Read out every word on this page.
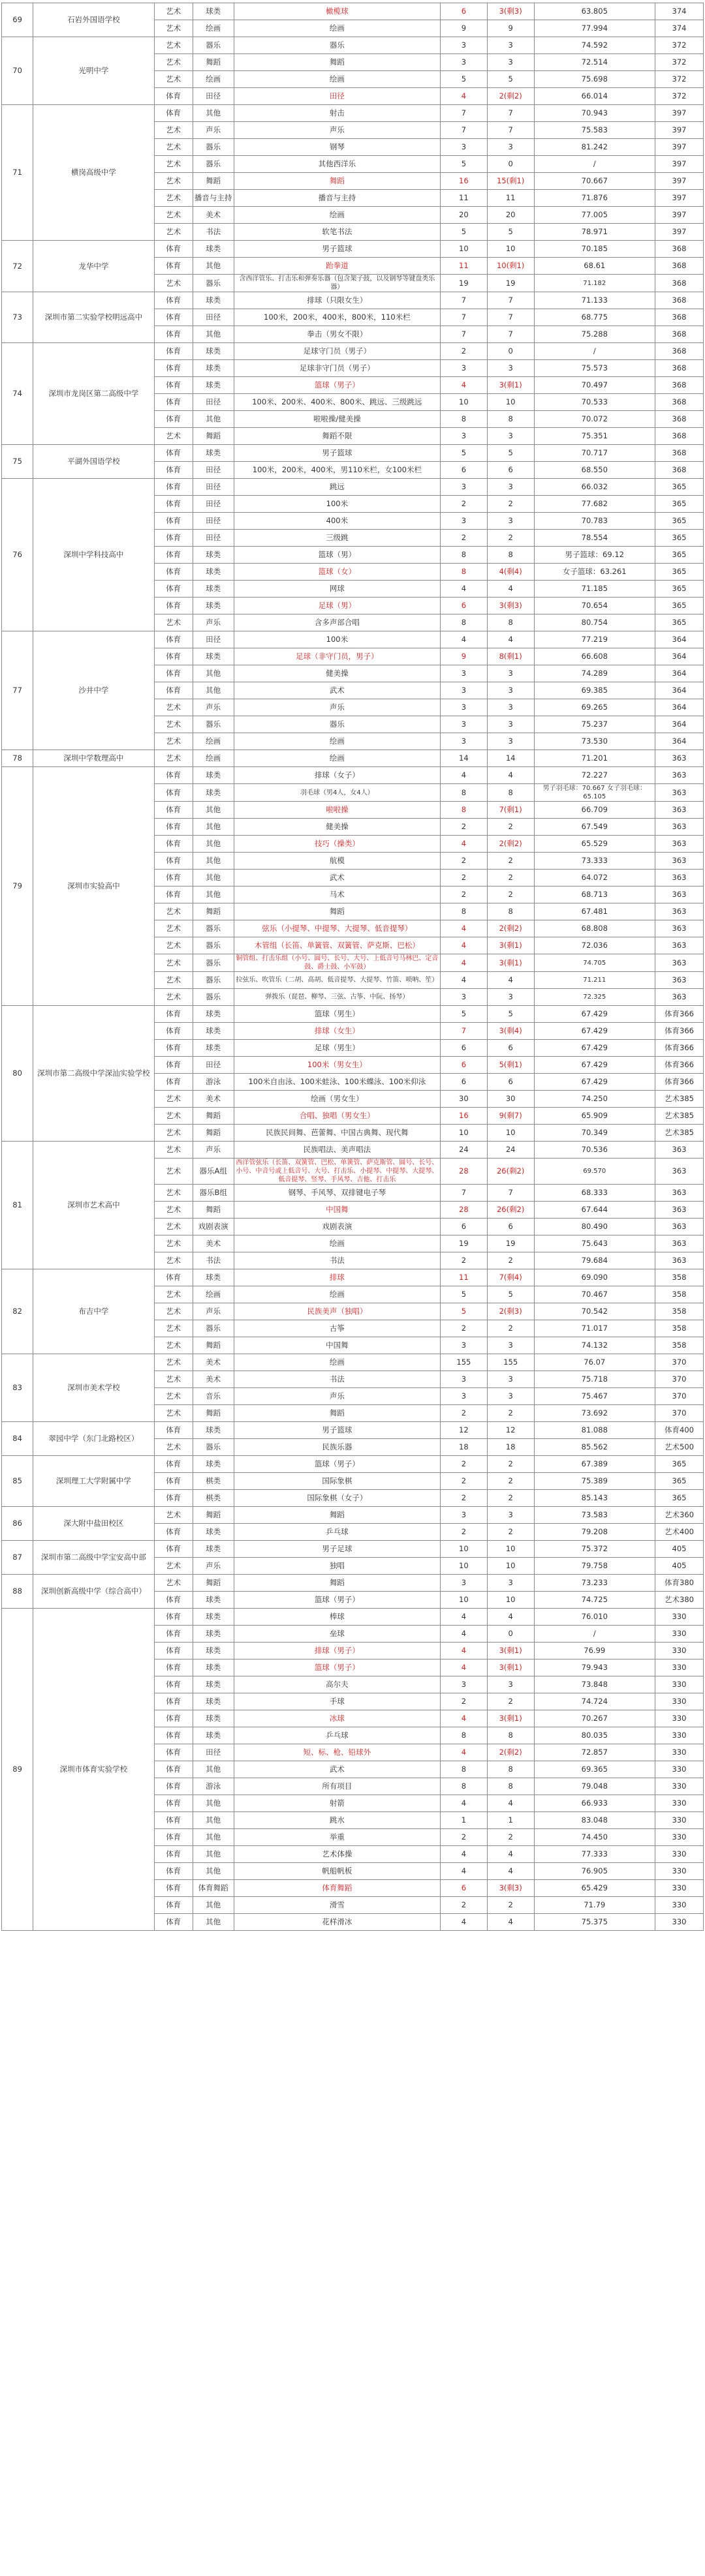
69	石岩外国语学校	艺术	球类	橄榄球	6	3(剩3)	63.805	374
		艺术	绘画	绘画	9	9	77.994	374
70	光明中学	艺术	器乐	器乐	3	3	74.592	372
		艺术	舞蹈	舞蹈	3	3	72.514	372
		艺术	绘画	绘画	5	5	75.698	372
		体育	田径	田径	4	2(剩2)	66.014	372
71	横岗高级中学	体育	其他	射击	7	7	70.943	397
		艺术	声乐	声乐	7	7	75.583	397
		艺术	器乐	钢琴	3	3	81.242	397
		艺术	器乐	其他西洋乐	5	0	/	397
		艺术	舞蹈	舞蹈	16	15(剩1)	70.667	397
		艺术	播音与主持	播音与主持	11	11	71.876	397
		艺术	美术	绘画	20	20	77.005	397
		艺术	书法	软笔书法	5	5	78.971	397
72	龙华中学	体育	球类	男子篮球	10	10	70.185	368
		体育	其他	跆拳道	11	10(剩1)	68.61	368
		艺术	器乐	含西洋管乐、打击乐和弹奏乐器（包含架子鼓，以及钢琴等键盘类乐器）	19	19	71.182	368
73	深圳市第二实验学校明远高中	体育	球类	排球（只限女生）	7	7	71.133	368
		体育	田径	100米，200米，400米，800米，110米栏	7	7	68.775	368
		体育	其他	拳击（男女不限）	7	7	75.288	368
74	深圳市龙岗区第二高级中学	体育	球类	足球守门员（男子）	2	0	/	368
		体育	球类	足球非守门员（男子）	3	3	75.573	368
		体育	球类	篮球（男子）	4	3(剩1)	70.497	368
		体育	田径	100米、200米、400米、800米、跳远、三级跳远	10	10	70.533	368
		体育	其他	啦啦操/健美操	8	8	70.072	368
		艺术	舞蹈	舞蹈不限	3	3	75.351	368
75	平湖外国语学校	体育	球类	男子篮球	5	5	70.717	368
		体育	田径	100米，200米，400米，男110米栏，女100米栏	6	6	68.550	368
76	深圳中学科技高中	体育	田径	跳远	3	3	66.032	365
		体育	田径	100米	2	2	77.682	365
		体育	田径	400米	3	3	70.783	365
		体育	田径	三级跳	2	2	78.554	365
		体育	球类	篮球（男）	8	8	男子篮球：69.12	365
		体育	球类	篮球（女）	8	4(剩4)	女子篮球：63.261	365
		体育	球类	网球	4	4	71.185	365
		体育	球类	足球（男）	6	3(剩3)	70.654	365
		艺术	声乐	含多声部合唱	8	8	80.754	365
77	沙井中学	体育	田径	100米	4	4	77.219	364
		体育	球类	足球（非守门员，男子）	9	8(剩1)	66.608	364
		体育	其他	健美操	3	3	74.289	364
		体育	其他	武术	3	3	69.385	364
		艺术	声乐	声乐	3	3	69.265	364
		艺术	器乐	器乐	3	3	75.237	364
		艺术	绘画	绘画	3	3	73.530	364
78	深圳中学数理高中	艺术	绘画	绘画	14	14	71.201	363
79	深圳市实验高中	体育	球类	排球（女子）	4	4	72.227	363
		体育	球类	羽毛球（男4人，女4人）	8	8	男子羽毛球：70.667 女子羽毛球：65.105	363
		体育	其他	啦啦操	8	7(剩1)	66.709	363
		体育	其他	健美操	2	2	67.549	363
		体育	其他	技巧（操类）	4	2(剩2)	65.529	363
		体育	其他	航模	2	2	73.333	363
		体育	其他	武术	2	2	64.072	363
		体育	其他	马术	2	2	68.713	363
		艺术	舞蹈	舞蹈	8	8	67.481	363
		艺术	器乐	弦乐（小提琴、中提琴、大提琴、低音提琴）	4	2(剩2)	68.808	363
		艺术	器乐	木管组（长笛、单簧管、双簧管、萨克斯、巴松）	4	3(剩1)	72.036	363
		艺术	器乐	铜管组、打击乐组（小号、圆号、长号、大号、上低音号马林巴、定音鼓、爵士鼓、小军鼓）	4	3(剩1)	74.705	363
		艺术	器乐	拉弦乐、吹管乐（二胡、高胡、低音提琴、大提琴、竹笛、唢呐、笙）	4	4	71.211	363
		艺术	器乐	弹拨乐（琵琶、柳琴、三弦、古筝、中阮、扬琴）	3	3	72.325	363
80	深圳市第二高级中学深汕实验学校	体育	球类	篮球（男生）	5	5	67.429	体育366
		体育	球类	排球（女生）	7	3(剩4)	67.429	体育366
		体育	球类	足球（男生）	6	6	67.429	体育366
		体育	田径	100米（男女生）	6	5(剩1)	67.429	体育366
		体育	游泳	100米自由泳、100米蛙泳、100米蝶泳、100米仰泳	6	6	67.429	体育366
		艺术	美术	绘画（男女生）	30	30	74.250	艺术385
		艺术	舞蹈	合唱、独唱（男女生）	16	9(剩7)	65.909	艺术385
		艺术	舞蹈	民族民间舞、芭蕾舞、中国古典舞、现代舞	10	10	70.349	艺术385
81	深圳市艺术高中	艺术	声乐	民族唱法、美声唱法	24	24	70.536	363
		艺术	器乐A组	西洋管弦乐（长笛、双簧管、巴松、单簧管、萨克斯管、圆号、长号、小号、中音号或上低音号、大号、打击乐、小提琴、中提琴、大提琴、低音提琴、竖琴、手风琴、吉他、打击乐	28	26(剩2)	69.570	363
		艺术	器乐B组	钢琴、手风琴、双排键电子琴	7	7	68.333	363
		艺术	舞蹈	中国舞	28	26(剩2)	67.644	363
		艺术	戏剧表演	戏剧表演	6	6	80.490	363
		艺术	美术	绘画	19	19	75.643	363
		艺术	书法	书法	2	2	79.684	363
82	布吉中学	体育	球类	排球	11	7(剩4)	69.090	358
		艺术	绘画	绘画	5	5	70.467	358
		艺术	声乐	民族美声（独唱）	5	2(剩3)	70.542	358
		艺术	器乐	古筝	2	2	71.017	358
		艺术	舞蹈	中国舞	3	3	74.132	358
83	深圳市美术学校	艺术	美术	绘画	155	155	76.07	370
		艺术	美术	书法	3	3	75.718	370
		艺术	音乐	声乐	3	3	75.467	370
		艺术	舞蹈	舞蹈	2	2	73.692	370
84	翠园中学（东门北路校区）	体育	球类	男子篮球	12	12	81.088	体育400
		艺术	器乐	民族乐器	18	18	85.562	艺术500
85	深圳理工大学附属中学	体育	球类	篮球（男子）	2	2	67.389	365
		体育	棋类	国际象棋	2	2	75.389	365
		体育	棋类	国际象棋（女子）	2	2	85.143	365
86	深大附中盐田校区	艺术	舞蹈	舞蹈	3	3	73.583	艺术360
		体育	球类	乒乓球	2	2	79.208	艺术400
87	深圳市第二高级中学宝安高中部	体育	球类	男子足球	10	10	75.372	405
		艺术	声乐	独唱	10	10	79.758	405
88	深圳创新高级中学（综合高中）	艺术	舞蹈	舞蹈	3	3	73.233	体育380
		体育	球类	篮球（男子）	10	10	74.725	艺术380
89	深圳市体育实验学校	体育	球类	棒球	4	4	76.010	330
		体育	球类	垒球	4	0	/	330
		体育	球类	排球（男子）	4	3(剩1)	76.99	330
		体育	球类	篮球（男子）	4	3(剩1)	79.943	330
		体育	球类	高尔夫	3	3	73.848	330
		体育	球类	手球	2	2	74.724	330
		体育	球类	冰球	4	3(剩1)	70.267	330
		体育	球类	乒乓球	8	8	80.035	330
		体育	田径	短、标、枪、铅球外	4	2(剩2)	72.857	330
		体育	其他	武术	8	8	69.365	330
		体育	游泳	所有项目	8	8	79.048	330
		体育	其他	射箭	4	4	66.933	330
		体育	其他	跳水	1	1	83.048	330
		体育	其他	举重	2	2	74.450	330
		体育	其他	艺术体操	4	4	77.333	330
		体育	其他	帆船帆板	4	4	76.905	330
		体育	体育舞蹈	体育舞蹈	6	3(剩3)	65.429	330
		体育	其他	滑雪	2	2	71.79	330
		体育	其他	花样滑冰	4	4	75.375	330
